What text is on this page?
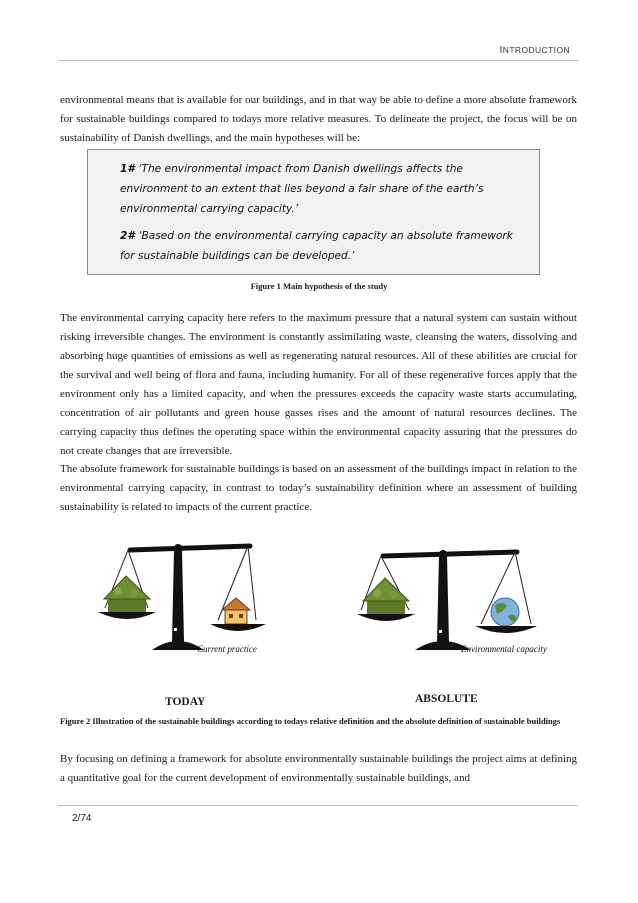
INTRODUCTION

environmental means that is available for our buildings, and in that way be able to define a more absolute framework for sustainable buildings compared to todays more relative measures. To delineate the project, the focus will be on sustainability of Danish dwellings, and the main hypotheses will be:

1# ‘The environmental impact from Danish dwellings affects the environment to an extent that lies beyond a fair share of the earth’s environmental carrying capacity.’

2# ‘Based on the environmental carrying capacity an absolute framework for sustainable buildings can be developed.’

Figure 1 Main hypothesis of the study

The environmental carrying capacity here refers to the maximum pressure that a natural system can sustain without risking irreversible changes. The environment is constantly assimilating waste, cleansing the waters, dissolving and absorbing huge quantities of emissions as well as regenerating natural resources. All of these abilities are crucial for the survival and well being of flora and fauna, including humanity. For all of these regenerative forces apply that the environment only has a limited capacity, and when the pressures exceeds the capacity waste starts accumulating, concentration of air pollutants and green house gasses rises and the amount of natural resources declines. The carrying capacity thus defines the operating space within the environmental capacity assuring that the pressures do not create changes that are irreversible.

The absolute framework for sustainable buildings is based on an assessment of the buildings impact in relation to the environmental carrying capacity, in contrast to today’s sustainability definition where an assessment of building sustainability is related to impacts of the current practice.

Current practice	Environmental capacity
TODAY	ABSOLUTE

Figure 2 Illustration of the sustainable buildings according to todays relative definition and the absolute definition of sustainable buildings

By focusing on defining a framework for absolute environmentally sustainable buildings the project aims at defining a quantitative goal for the current development of environmentally sustainable buildings, and

2/74
